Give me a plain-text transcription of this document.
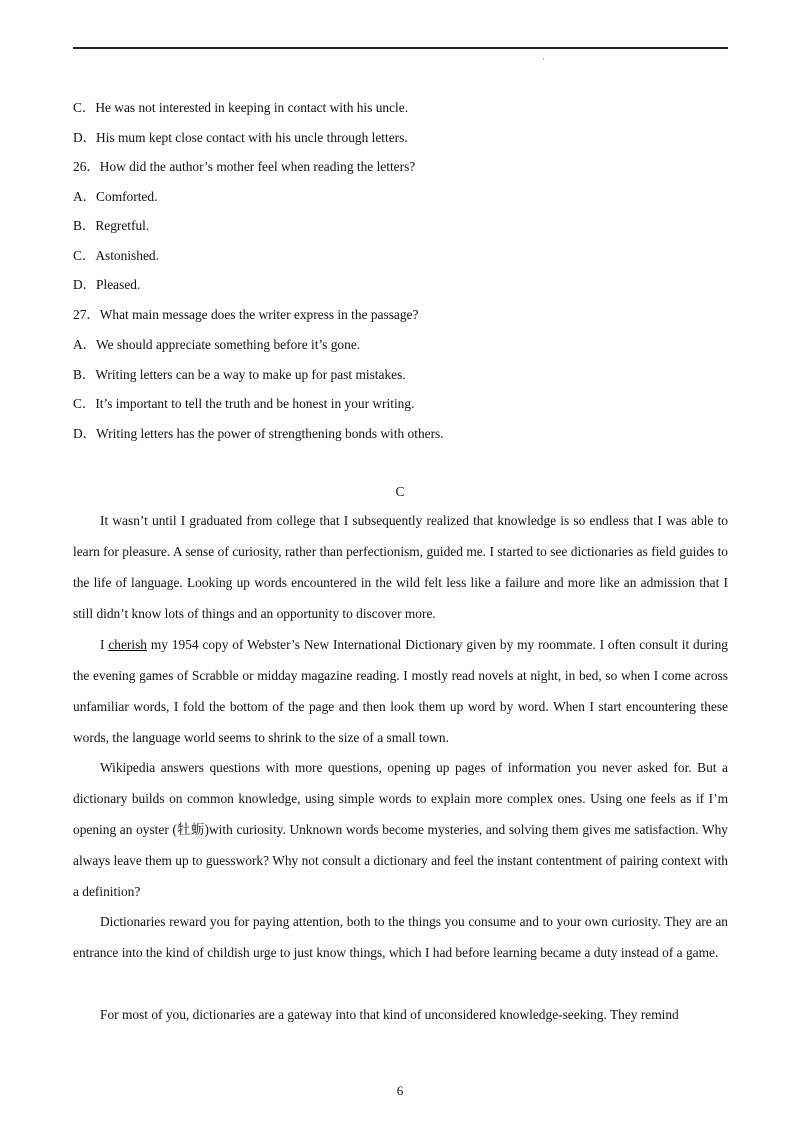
'
C．He was not interested in keeping in contact with his uncle.
D．His mum kept close contact with his uncle through letters.
26．How did the author’s mother feel when reading the letters?
A．Comforted.
B．Regretful.
C．Astonished.
D．Pleased.
27．What main message does the writer express in the passage?
A．We should appreciate something before it’s gone.
B．Writing letters can be a way to make up for past mistakes.
C．It’s important to tell the truth and be honest in your writing.
D．Writing letters has the power of strengthening bonds with others.
C

It wasn’t until I graduated from college that I subsequently realized that knowledge is so endless that I was able to learn for pleasure. A sense of curiosity, rather than perfectionism, guided me. I started to see dictionaries as field guides to the life of language. Looking up words encountered in the wild felt less like a failure and more like an admission that I still didn’t know lots of things and an opportunity to discover more.

I cherish my 1954 copy of Webster’s New International Dictionary given by my roommate. I often consult it during the evening games of Scrabble or midday magazine reading. I mostly read novels at night, in bed, so when I come across unfamiliar words, I fold the bottom of the page and then look them up word by word. When I start encountering these words, the language world seems to shrink to the size of a small town.

Wikipedia answers questions with more questions, opening up pages of information you never asked for. But a dictionary builds on common knowledge, using simple words to explain more complex ones. Using one feels as if I’m opening an oyster (牡蛎)with curiosity. Unknown words become mysteries, and solving them gives me satisfaction. Why always leave them up to guesswork? Why not consult a dictionary and feel the instant contentment of pairing context with a definition?

Dictionaries reward you for paying attention, both to the things you consume and to your own curiosity. They are an entrance into the kind of childish urge to just know things, which I had before learning became a duty instead of a game.

For most of you, dictionaries are a gateway into that kind of unconsidered knowledge-seeking. They remind

6
